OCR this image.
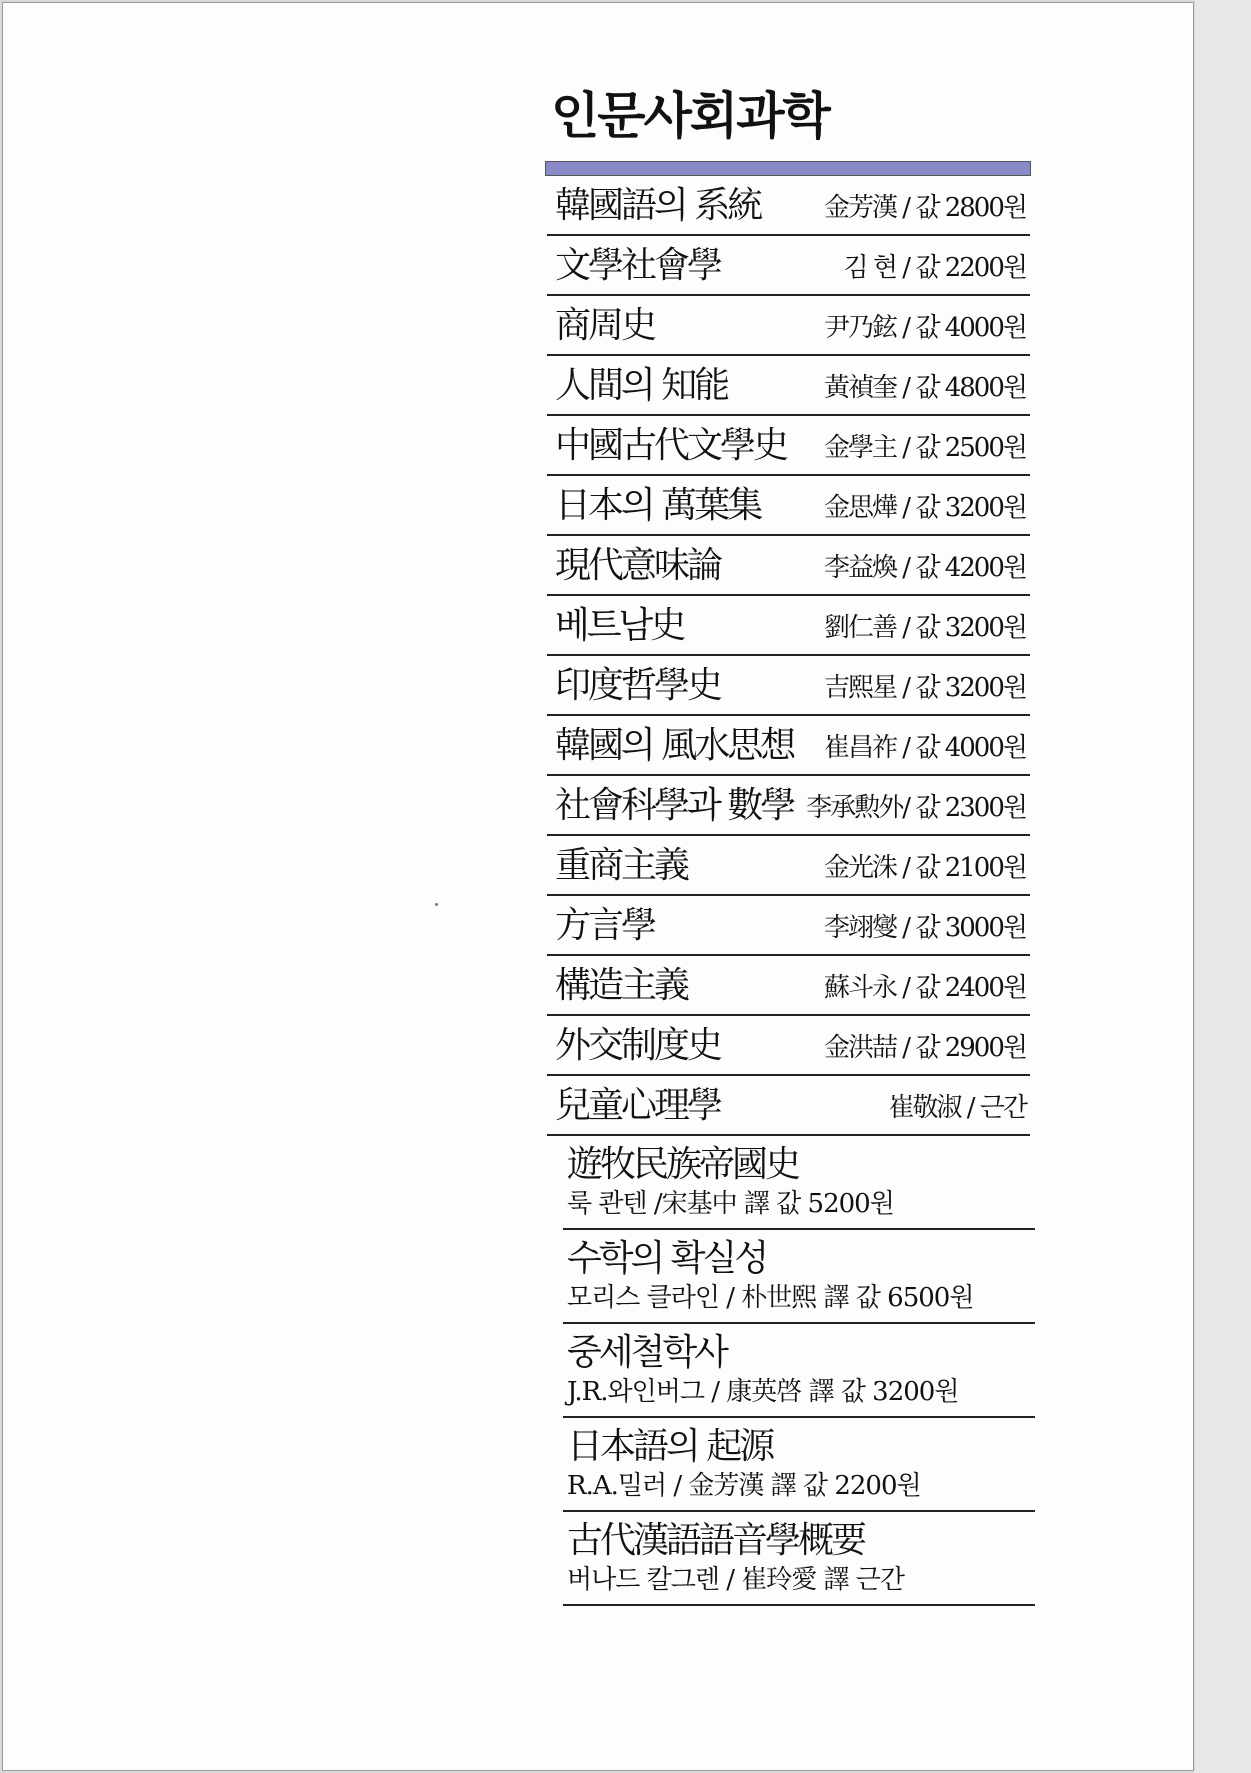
인문사회과학
韓國語의 系統 金芳漢 / 값 2800원
文學社會學	김 현 / 값 2200원
商周史	尹乃鉉 / 값 4000원
人間의 知能	黃禎奎 / 값 4800원
中國古代文學史 金學主 / 값 2500원
日本의 萬葉集 金思燁 / 값 3200원
現代意味論	李益煥 / 값 4200원
베트남史	劉仁善 / 값 3200원
印度哲學史	吉熙星 / 값 3200원
韓國의 風水思想 崔昌祚 / 값 4000원
社會科學과 數學 李承勲外/ 값 2300원
重商主義	金光洙 / 값 2100원
方言學	李翊燮 / 값 3000원
構造主義	蘇斗永 / 값 2400원
外交制度史	金洪喆 / 값 2900원
兒童心理學	崔敬淑 / 근간
遊牧民族帝國史
룩 콴텐 /宋基中 譯 값 5200원
수학의 확실성
모리스 클라인 / 朴世熙 譯 값 6500원
중세철학사
J.R.와인버그 / 康英啓 譯 값 3200원
日本語의 起源
R.A.밀러 / 金芳漢 譯 값 2200원
古代漢語語音學概要
버나드 칼그렌 / 崔玲愛 譯 근간
